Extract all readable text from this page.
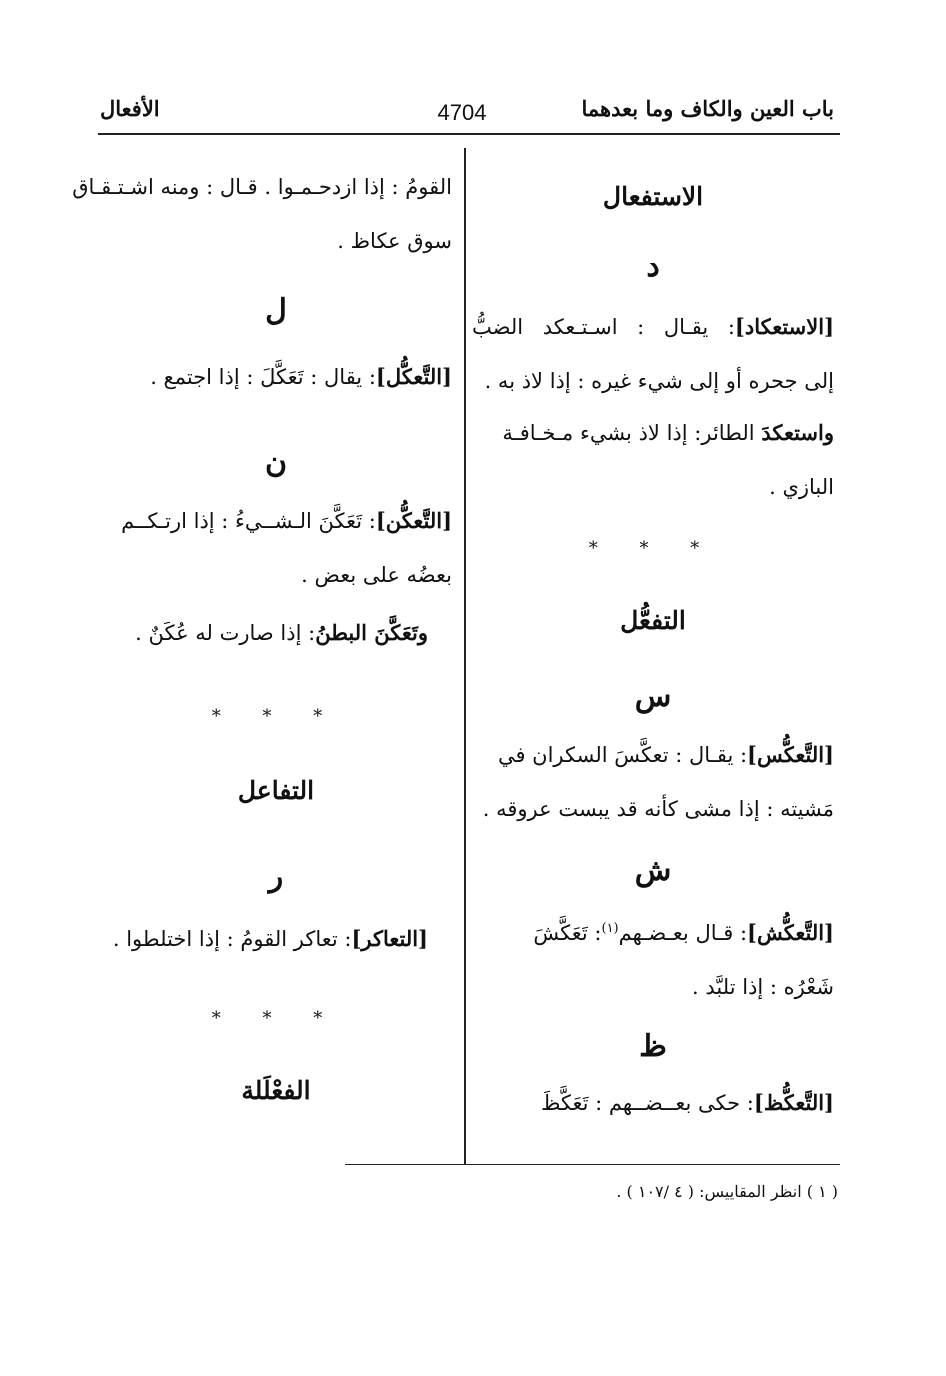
باب العين والكاف وما بعدهما
4704
الأفعال
الاستفعال
د
[الاستعكاد]: يقـال : اسـتـعكد الضبُّ
إلى جحره أو إلى شيء غيره : إذا لاذ به .
واستعكدَ الطائر: إذا لاذ بشيء مـخـافـة
البازي .
* * *
التفعُّل
س
[التَّعكُّس]: يقـال : تعكَّسَ السكران في
مَشيته : إذا مشى كأنه قد يبست عروقه .
ش
[التَّعكُّش]: قـال بعـضـهم$^{(١)}$: تَعَكَّشَ
شَعْرُه : إذا تلبَّد .
ظ
[التَّعكُّظ]: حكى بعــضــهم : تَعَكَّظَ
القومُ : إذا ازدحـمـوا . قـال : ومنه اشـتـقـاق
سوق عكاظ .
ل
[التَّعكُّل]: يقال : تَعَكَّلَ : إذا اجتمع .
ن
[التَّعكُّن]: تَعَكَّنَ الـشــيءُ : إذا ارتـكــم
بعضُه على بعض .
وتَعَكَّنَ البطنُ: إذا صارت له عُكَنٌ .
* * *
التفاعل
ر
[التعاكر]: تعاكر القومُ : إذا اختلطوا .
* * *
الفعْلَلة
( ١ ) انظر المقاييس: ( ٤ /١٠٧ ) .
